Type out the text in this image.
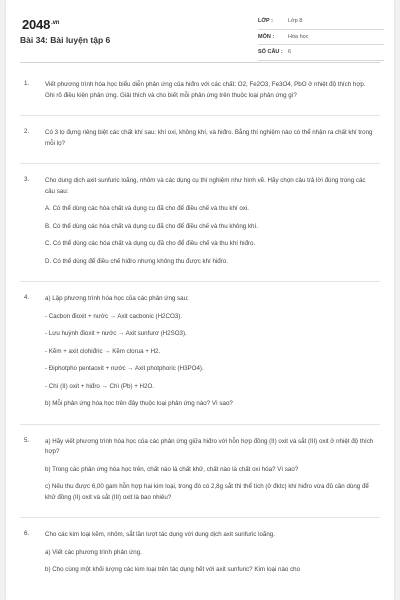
$2048^{.vn}$
Bài 34: Bài luyện tập 6
LỚP :	Lớp 8
MÔN :	Hóa học
SỐ CÂU : 6
1.	Viết phương trình hóa học biểu diễn phản ứng của hiđro với các chất: O2, Fe2O3, Fe3O4, PbO ở nhiệt độ thích hợp. Ghi rõ điều kiện phản ứng. Giải thích và cho biết mỗi phản ứng trên thuộc loại phản ứng gì?
2.	Có 3 lọ đựng riêng biệt các chất khí sau: khí oxi, không khí, và hiđro. Bằng thí nghiệm nào có thể nhận ra chất khí trong mỗi lọ?
3.	Cho dung dịch axit sunfuric loãng, nhôm và các dụng cụ thí nghiệm như hình vẽ. Hãy chọn câu trả lời đúng trong các câu sau:
A. Có thể dùng các hóa chất và dụng cụ đã cho để điều chế và thu khí oxi.
B. Có thể dùng các hóa chất và dụng cụ đã cho để điều chế và thu không khí.
C. Có thể dùng các hóa chất và dụng cụ đã cho để điều chế và thu khí hiđro.
D. Có thể dùng để điều chế hiđro nhưng không thu được khí hiđro.
4.	a) Lập phương trình hóa học của các phản ứng sau:
- Cacbon đioxit + nước → Axit cacbonic (H2CO3).
- Lưu huỳnh đioxit + nước → Axit sunfurơ (H2SO3).
- Kẽm + axit clohiđric → Kẽm clorua + H2.
- Điphotpho pentaoxit + nước → Axit photphoric (H3PO4).
- Chì (II) oxit + hiđro → Chì (Pb) + H2O.
b) Mỗi phản ứng hóa học trên đây thuộc loại phản ứng nào? Vì sao?
5.	a) Hãy viết phương trình hóa học của các phản ứng giữa hiđro với hỗn hợp đồng (II) oxit và sắt (III) oxit ở nhiệt độ thích hợp?
b) Trong các phản ứng hóa học trên, chất nào là chất khử, chất nào là chất oxi hóa? Vì sao?
c) Nếu thu được 6,00 gam hỗn hợp hai kim loại, trong đó có 2,8g sắt thì thể tích (ở đktc) khí hiđro vừa đủ cần dùng để khử đồng (II) oxit và sắt (III) oxit là bao nhiêu?
6.	Cho các kim loại kẽm, nhôm, sắt lần lượt tác dụng với dung dịch axit sunfuric loãng.
a) Viết các phương trình phản ứng.
b) Cho cùng một khối lượng các kim loại trên tác dụng hết với axit sunfuric? Kim loại nào cho
